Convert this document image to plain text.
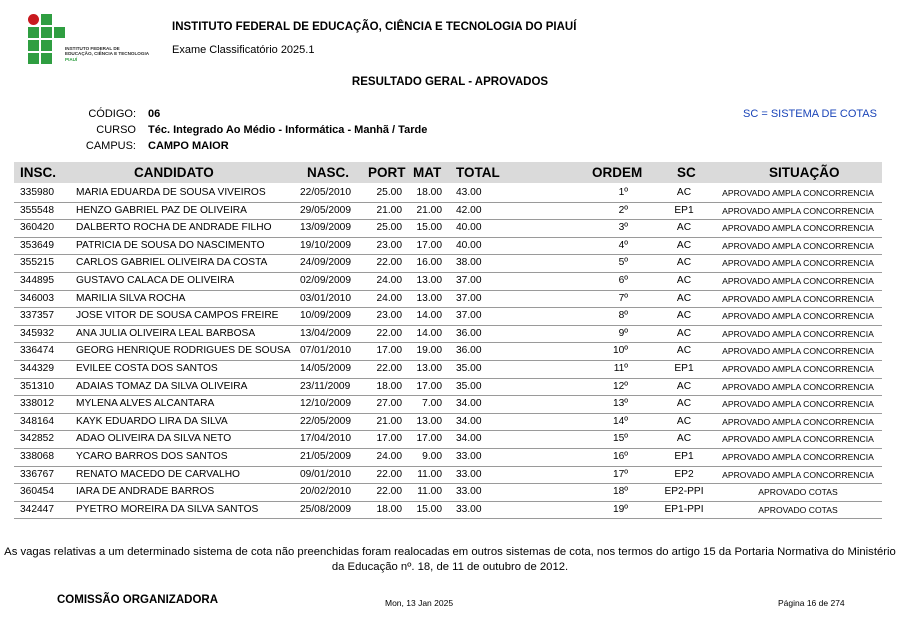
INSTITUTO FEDERAL DE
EDUCAÇÃO, CIÊNCIA E TECNOLOGIA
PIAUÍ
INSTITUTO FEDERAL DE EDUCAÇÃO, CIÊNCIA E TECNOLOGIA DO PIAUÍ
Exame Classificatório 2025.1
RESULTADO GERAL - APROVADOS
CÓDIGO: 06
CURSO Téc. Integrado Ao Médio - Informática - Manhã / Tarde
CAMPUS: CAMPO MAIOR
SC = SISTEMA DE COTAS
INSC.	CANDIDATO	NASC. PORT MAT TOTAL	ORDEM	SC	SITUAÇÃO
335980 MARIA EDUARDA DE SOUSA VIVEIROS	22/05/2010	25.00	18.00 43.00	1º	AC	APROVADO AMPLA CONCORRENCIA
355548 HENZO GABRIEL PAZ DE OLIVEIRA	29/05/2009	21.00	21.00 42.00	2º	EP1	APROVADO AMPLA CONCORRENCIA
360420 DALBERTO ROCHA DE ANDRADE FILHO	13/09/2009	25.00	15.00 40.00	3º	AC	APROVADO AMPLA CONCORRENCIA
353649 PATRICIA DE SOUSA DO NASCIMENTO	19/10/2009	23.00	17.00 40.00	4º	AC	APROVADO AMPLA CONCORRENCIA
355215 CARLOS GABRIEL OLIVEIRA DA COSTA	24/09/2009	22.00	16.00 38.00	5º	AC	APROVADO AMPLA CONCORRENCIA
344895 GUSTAVO CALACA DE OLIVEIRA	02/09/2009	24.00	13.00 37.00	6º	AC	APROVADO AMPLA CONCORRENCIA
346003 MARILIA SILVA ROCHA	03/01/2010	24.00	13.00 37.00	7º	AC	APROVADO AMPLA CONCORRENCIA
337357 JOSE VITOR DE SOUSA CAMPOS FREIRE 10/09/2009	23.00	14.00 37.00	8º	AC	APROVADO AMPLA CONCORRENCIA
345932 ANA JULIA OLIVEIRA LEAL BARBOSA	13/04/2009	22.00	14.00 36.00	9º	AC	APROVADO AMPLA CONCORRENCIA
336474 GEORG HENRIQUE RODRIGUES DE SOUSA 07/01/2010	17.00	19.00 36.00	10º	AC	APROVADO AMPLA CONCORRENCIA
344329 EVILEE COSTA DOS SANTOS	14/05/2009	22.00	13.00 35.00	11º	EP1	APROVADO AMPLA CONCORRENCIA
351310 ADAIAS TOMAZ DA SILVA OLIVEIRA	23/11/2009	18.00	17.00 35.00	12º	AC	APROVADO AMPLA CONCORRENCIA
338012 MYLENA ALVES ALCANTARA	12/10/2009	27.00	7.00 34.00	13º	AC	APROVADO AMPLA CONCORRENCIA
348164 KAYK EDUARDO LIRA DA SILVA	22/05/2009	21.00	13.00 34.00	14º	AC	APROVADO AMPLA CONCORRENCIA
342852 ADAO OLIVEIRA DA SILVA NETO	17/04/2010	17.00	17.00 34.00	15º	AC	APROVADO AMPLA CONCORRENCIA
338068 YCARO BARROS DOS SANTOS	21/05/2009	24.00	9.00 33.00	16º	EP1	APROVADO AMPLA CONCORRENCIA
336767 RENATO MACEDO DE CARVALHO	09/01/2010	22.00	11.00 33.00	17º	EP2	APROVADO AMPLA CONCORRENCIA
360454 IARA DE ANDRADE BARROS	20/02/2010	22.00	11.00 33.00	18º	EP2-PPI	APROVADO COTAS
342447 PYETRO MOREIRA DA SILVA SANTOS	25/08/2009	18.00	15.00 33.00	19º	EP1-PPI	APROVADO COTAS
As vagas relativas a um determinado sistema de cota não preenchidas foram realocadas em outros sistemas de cota, nos termos do artigo 15 da Portaria Normativa do Ministério da Educação nº. 18, de 11 de outubro de 2012.
COMISSÃO ORGANIZADORA	Mon, 13 Jan 2025	Página 16 de 274
